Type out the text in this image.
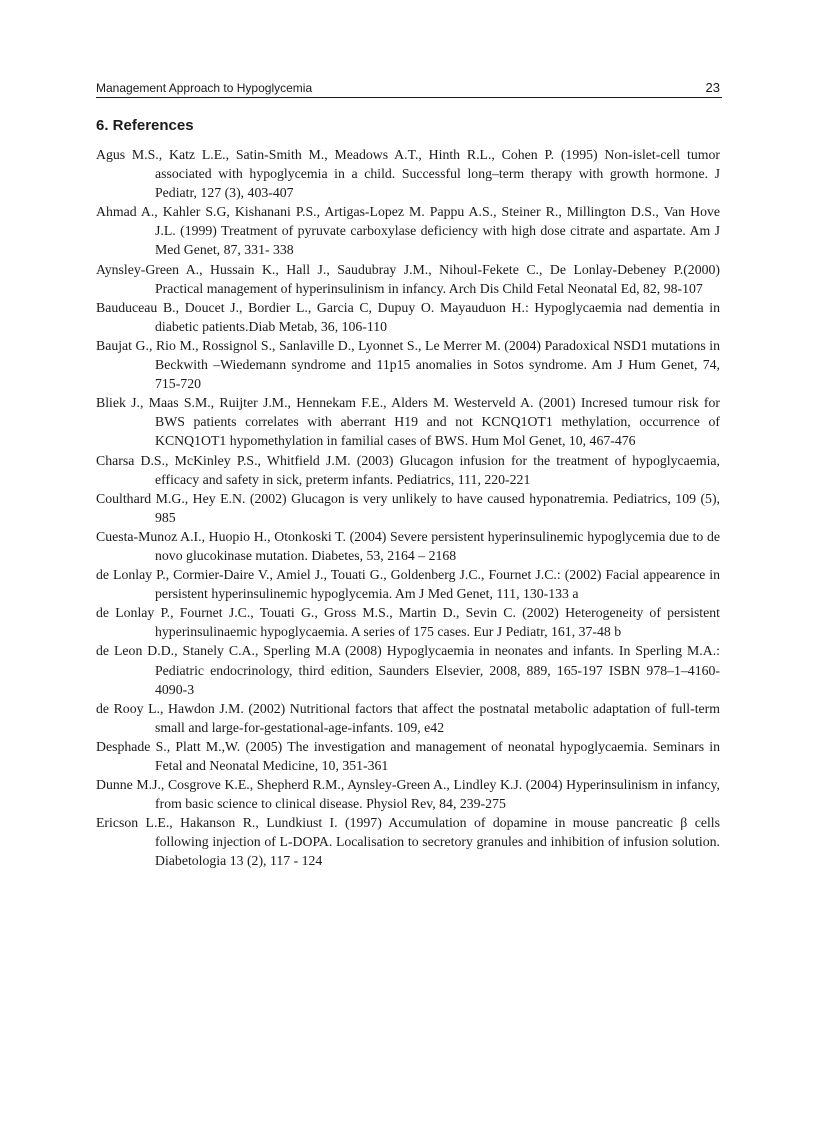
Management Approach to Hypoglycemia	23
6. References
Agus M.S., Katz L.E., Satin-Smith M., Meadows A.T., Hinth R.L., Cohen P. (1995) Non-islet-cell tumor associated with hypoglycemia in a child. Successful long–term therapy with growth hormone. J Pediatr, 127 (3), 403-407
Ahmad A., Kahler S.G, Kishanani P.S., Artigas-Lopez M. Pappu A.S., Steiner R., Millington D.S., Van Hove J.L. (1999) Treatment of pyruvate carboxylase deficiency with high dose citrate and aspartate. Am J Med Genet, 87, 331- 338
Aynsley-Green A., Hussain K., Hall J., Saudubray J.M., Nihoul-Fekete C., De Lonlay-Debeney P.(2000) Practical management of hyperinsulinism in infancy. Arch Dis Child Fetal Neonatal Ed, 82, 98-107
Bauduceau B., Doucet J., Bordier L., Garcia C, Dupuy O. Mayauduon H.: Hypoglycaemia nad dementia in diabetic patients.Diab Metab, 36, 106-110
Baujat G., Rio M., Rossignol S., Sanlaville D., Lyonnet S., Le Merrer M. (2004) Paradoxical NSD1 mutations in Beckwith –Wiedemann syndrome and 11p15 anomalies in Sotos syndrome. Am J Hum Genet, 74, 715-720
Bliek J., Maas S.M., Ruijter J.M., Hennekam F.E., Alders M. Westerveld A. (2001) Incresed tumour risk for BWS patients correlates with aberrant H19 and not KCNQ1OT1 methylation, occurrence of KCNQ1OT1 hypomethylation in familial cases of BWS. Hum Mol Genet, 10, 467-476
Charsa D.S., McKinley P.S., Whitfield J.M. (2003) Glucagon infusion for the treatment of hypoglycaemia, efficacy and safety in sick, preterm infants. Pediatrics, 111, 220-221
Coulthard M.G., Hey E.N. (2002) Glucagon is very unlikely to have caused hyponatremia. Pediatrics, 109 (5), 985
Cuesta-Munoz A.I., Huopio H., Otonkoski T. (2004) Severe persistent hyperinsulinemic hypoglycemia due to de novo glucokinase mutation. Diabetes, 53, 2164 – 2168
de Lonlay P., Cormier-Daire V., Amiel J., Touati G., Goldenberg J.C., Fournet J.C.: (2002) Facial appearence in persistent hyperinsulinemic hypoglycemia. Am J Med Genet, 111, 130-133 a
de Lonlay P., Fournet J.C., Touati G., Gross M.S., Martin D., Sevin C. (2002) Heterogeneity of persistent hyperinsulinaemic hypoglycaemia. A series of 175 cases. Eur J Pediatr, 161, 37-48 b
de Leon D.D., Stanely C.A., Sperling M.A (2008) Hypoglycaemia in neonates and infants. In Sperling M.A.: Pediatric endocrinology, third edition, Saunders Elsevier, 2008, 889, 165-197 ISBN 978–1–4160-4090-3
de Rooy L., Hawdon J.M. (2002) Nutritional factors that affect the postnatal metabolic adaptation of full-term small and large-for-gestational-age-infants. 109, e42
Desphade S., Platt M.,W. (2005) The investigation and management of neonatal hypoglycaemia. Seminars in Fetal and Neonatal Medicine, 10, 351-361
Dunne M.J., Cosgrove K.E., Shepherd R.M., Aynsley-Green A., Lindley K.J. (2004) Hyperinsulinism in infancy, from basic science to clinical disease. Physiol Rev, 84, 239-275
Ericson L.E., Hakanson R., Lundkiust I. (1997) Accumulation of dopamine in mouse pancreatic β cells following injection of L-DOPA. Localisation to secretory granules and inhibition of infusion solution. Diabetologia 13 (2), 117 - 124
